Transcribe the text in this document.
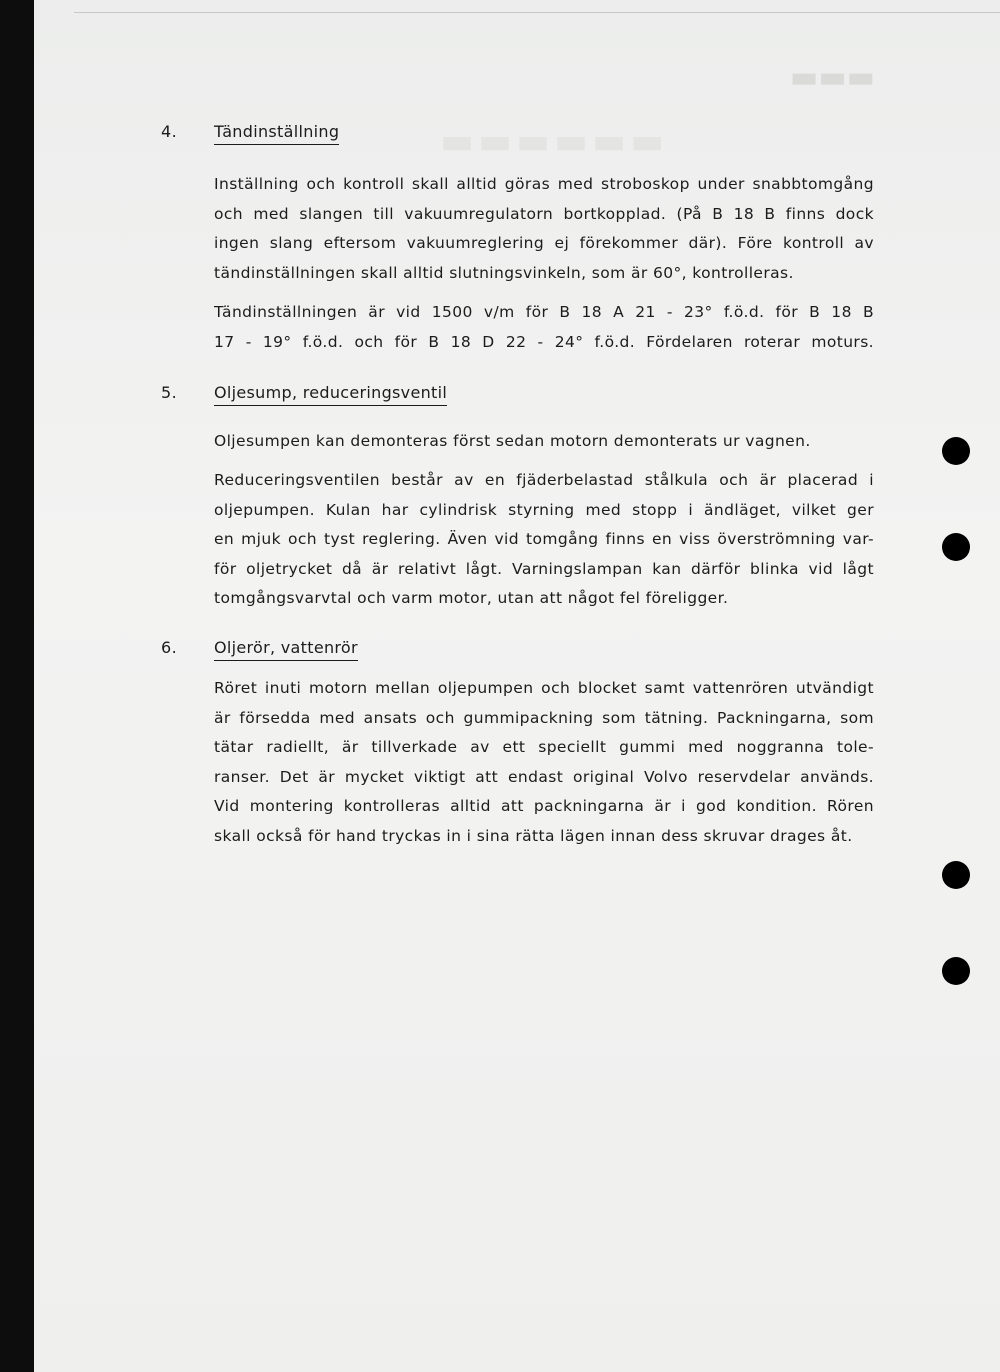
▬▬▬
▬▬▬▬▬▬
4. Tändinställning
Inställning och kontroll skall alltid göras med stroboskop under snabbtomgång
och med slangen till vakuumregulatorn bortkopplad. (På B 18 B finns dock
ingen slang eftersom vakuumreglering ej förekommer där). Före kontroll av
tändinställningen skall alltid slutningsvinkeln, som är 60°, kontrolleras.
Tändinställningen är vid 1500 v/m för B 18 A 21 - 23° f.ö.d. för B 18 B
17 - 19° f.ö.d. och för B 18 D 22 - 24° f.ö.d. Fördelaren roterar moturs.
5. Oljesump, reduceringsventil
Oljesumpen kan demonteras först sedan motorn demonterats ur vagnen.
Reduceringsventilen består av en fjäderbelastad stålkula och är placerad i
oljepumpen. Kulan har cylindrisk styrning med stopp i ändläget, vilket ger
en mjuk och tyst reglering. Även vid tomgång finns en viss överströmning var-
för oljetrycket då är relativt lågt. Varningslampan kan därför blinka vid lågt
tomgångsvarvtal och varm motor, utan att något fel föreligger.
6. Oljerör, vattenrör
Röret inuti motorn mellan oljepumpen och blocket samt vattenrören utvändigt
är försedda med ansats och gummipackning som tätning. Packningarna, som
tätar radiellt, är tillverkade av ett speciellt gummi med noggranna tole-
ranser. Det är mycket viktigt att endast original Volvo reservdelar används.
Vid montering kontrolleras alltid att packningarna är i god kondition. Rören
skall också för hand tryckas in i sina rätta lägen innan dess skruvar drages åt.
